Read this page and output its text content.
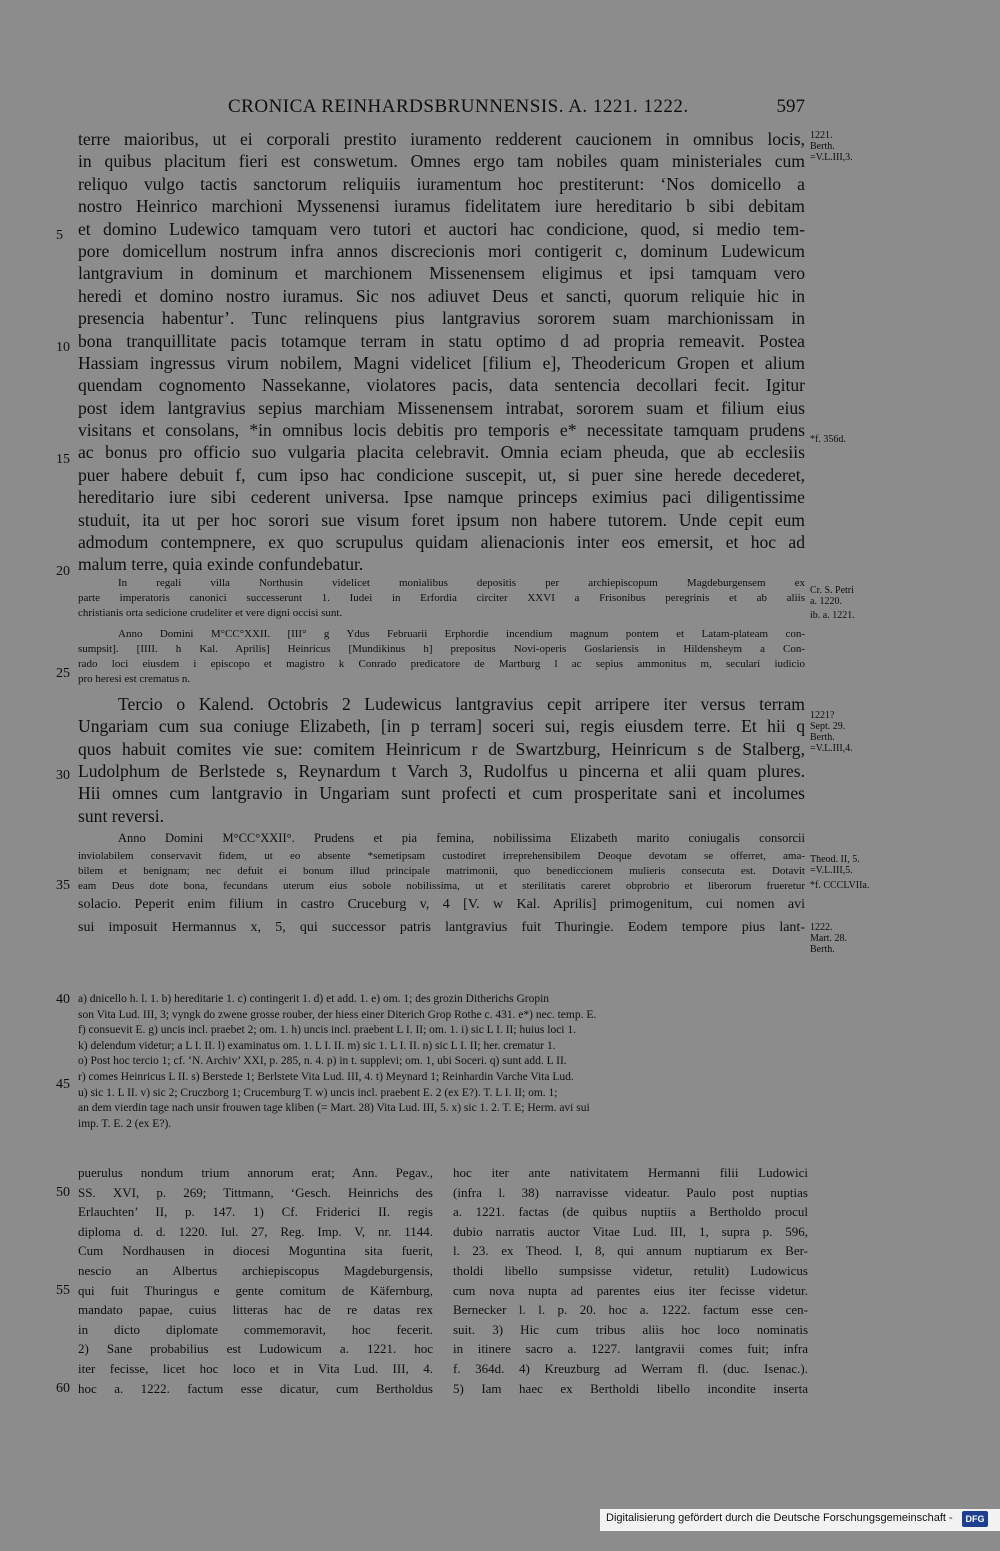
CRONICA REINHARDSBRUNNENSIS. A. 1221. 1222.	597
terre maioribus, ut ei corporali prestito iuramento redderent caucionem in omnibus locis,
in quibus placitum fieri est conswetum. Omnes ergo tam nobiles quam ministeriales cum
reliquo vulgo tactis sanctorum reliquiis iuramentum hoc prestiterunt: ‘Nos domicello a
nostro Heinrico marchioni Myssenensi iuramus fidelitatem iure hereditario b sibi debitam
et domino Ludewico tamquam vero tutori et auctori hac condicione, quod, si medio tem-
pore domicellum nostrum infra annos discrecionis mori contigerit c, dominum Ludewicum
lantgravium in dominum et marchionem Missenensem eligimus et ipsi tamquam vero
heredi et domino nostro iuramus. Sic nos adiuvet Deus et sancti, quorum reliquie hic in
presencia habentur’. Tunc relinquens pius lantgravius sororem suam marchionissam in
bona tranquillitate pacis totamque terram in statu optimo d ad propria remeavit. Postea
Hassiam ingressus virum nobilem, Magni videlicet [filium e], Theodericum Gropen et alium
quendam cognomento Nassekanne, violatores pacis, data sentencia decollari fecit. Igitur
post idem lantgravius sepius marchiam Missenensem intrabat, sororem suam et filium eius
visitans et consolans, *in omnibus locis debitis pro temporis e* necessitate tamquam prudens
ac bonus pro officio suo vulgaria placita celebravit. Omnia eciam pheuda, que ab ecclesiis
puer habere debuit f, cum ipso hac condicione suscepit, ut, si puer sine herede decederet,
hereditario iure sibi cederent universa. Ipse namque princeps eximius paci diligentissime
studuit, ita ut per hoc sorori sue visum foret ipsum non habere tutorem. Unde cepit eum
admodum contempnere, ex quo scrupulus quidam alienacionis inter eos emersit, et hoc ad
malum terre, quia exinde confundebatur.
In regali villa Northusin videlicet monialibus depositis per archiepiscopum Magdeburgensem ex
parte imperatoris canonici successerunt 1. Iudei in Erfordia circiter XXVI a Frisonibus peregrinis et ab aliis
christianis orta sedicione crudeliter et vere digni occisi sunt.
Anno Domini M°CC°XXII. [III° g Ydus Februarii Erphordie incendium magnum pontem et Latam-plateam con-
sumpsit]. [IIII. h Kal. Aprilis] Heinricus [Mundikinus h] prepositus Novi-operis Goslariensis in Hildensheym a Con-
rado loci eiusdem i episcopo et magistro k Conrado predicatore de Martburg l ac sepius ammonitus m, seculari iudicio
pro heresi est crematus n.
Tercio o Kalend. Octobris 2 Ludewicus lantgravius cepit arripere iter versus terram
Ungariam cum sua coniuge Elizabeth, [in p terram] soceri sui, regis eiusdem terre. Et hii q
quos habuit comites vie sue: comitem Heinricum r de Swartzburg, Heinricum s de Stalberg,
Ludolphum de Berlstede s, Reynardum t Varch 3, Rudolfus u pincerna et alii quam plures.
Hii omnes cum lantgravio in Ungariam sunt profecti et cum prosperitate sani et incolumes
sunt reversi.
Anno Domini M°CC°XXII°. Prudens et pia femina, nobilissima Elizabeth marito coniugalis consorcii
inviolabilem conservavit fidem, ut eo absente *semetipsam custodiret irreprehensibilem Deoque devotam se offerret, ama-
bilem et benignam; nec defuit ei bonum illud principale matrimonii, quo benediccionem mulieris consecuta est. Dotavit
eam Deus dote bona, fecundans uterum eius sobole nobilissima, ut et sterilitatis careret obprobrio et liberorum frueretur
solacio. Peperit enim filium in castro Cruceburg v, 4 [V. w Kal. Aprilis] primogenitum, cui nomen avi
sui imposuit Hermannus x, 5, qui successor patris lantgravius fuit Thuringie. Eodem tempore pius lant-
5
10
15
20
25
30
35
40
45
50
55
60
1221.
Berth.
=V.L.III,3.
*f. 356d.
Cr. S. Petri
a. 1220.
ib. a. 1221.
1221?
Sept. 29.
Berth.
=V.L.III,4.
Theod. II, 5.
=V.L.III,5.
*f. CCCLVIIa.
1222.
Mart. 28.
Berth.
a) dnicello h. l. 1. b) hereditarie 1. c) contingerit 1. d) et add. 1. e) om. 1; des grozin Ditherichs Gropin
son Vita Lud. III, 3; vyngk do zwene grosse rouber, der hiess einer Diterich Grop Rothe c. 431. e*) nec. temp. E.
f) consuevit E. g) uncis incl. praebet 2; om. 1. h) uncis incl. praebent L I. II; om. 1. i) sic L I. II; huius loci 1.
k) delendum videtur; a L I. II. l) examinatus om. 1. L I. II. m) sic 1. L I. II. n) sic L I. II; her. crematur 1.
o) Post hoc tercio 1; cf. ‘N. Archiv’ XXI, p. 285, n. 4. p) in t. supplevi; om. 1, ubi Soceri. q) sunt add. L II.
r) comes Heinricus L II. s) Berstede 1; Berlstete Vita Lud. III, 4. t) Meynard 1; Reinhardin Varche Vita Lud.
u) sic 1. L II. v) sic 2; Cruczborg 1; Crucemburg T. w) uncis incl. praebent E. 2 (ex E?). T. L I. II; om. 1;
an dem vierdin tage nach unsir frouwen tage kliben (= Mart. 28) Vita Lud. III, 5. x) sic 1. 2. T. E; Herm. avi sui
imp. T. E. 2 (ex E?).
puerulus nondum trium annorum erat; Ann. Pegav.,
SS. XVI, p. 269; Tittmann, ‘Gesch. Heinrichs des
Erlauchten’ II, p. 147. 1) Cf. Friderici II. regis
diploma d. d. 1220. Iul. 27, Reg. Imp. V, nr. 1144.
Cum Nordhausen in diocesi Moguntina sita fuerit,
nescio an Albertus archiepiscopus Magdeburgensis,
qui fuit Thuringus e gente comitum de Käfernburg,
mandato papae, cuius litteras hac de re datas rex
in dicto diplomate commemoravit, hoc fecerit.
2) Sane probabilius est Ludowicum a. 1221. hoc
iter fecisse, licet hoc loco et in Vita Lud. III, 4.
hoc a. 1222. factum esse dicatur, cum Bertholdus
hoc iter ante nativitatem Hermanni filii Ludowici
(infra l. 38) narravisse videatur. Paulo post nuptias
a. 1221. factas (de quibus nuptiis a Bertholdo procul
dubio narratis auctor Vitae Lud. III, 1, supra p. 596,
l. 23. ex Theod. I, 8, qui annum nuptiarum ex Ber-
tholdi libello sumpsisse videtur, retulit) Ludowicus
cum nova nupta ad parentes eius iter fecisse videtur.
Bernecker l. l. p. 20. hoc a. 1222. factum esse cen-
suit. 3) Hic cum tribus aliis hoc loco nominatis
in itinere sacro a. 1227. lantgravii comes fuit; infra
f. 364d. 4) Kreuzburg ad Werram fl. (duc. Isenac.).
5) Iam haec ex Bertholdi libello incondite inserta
Digitalisierung gefördert durch die Deutsche Forschungsgemeinschaft -	DFG
